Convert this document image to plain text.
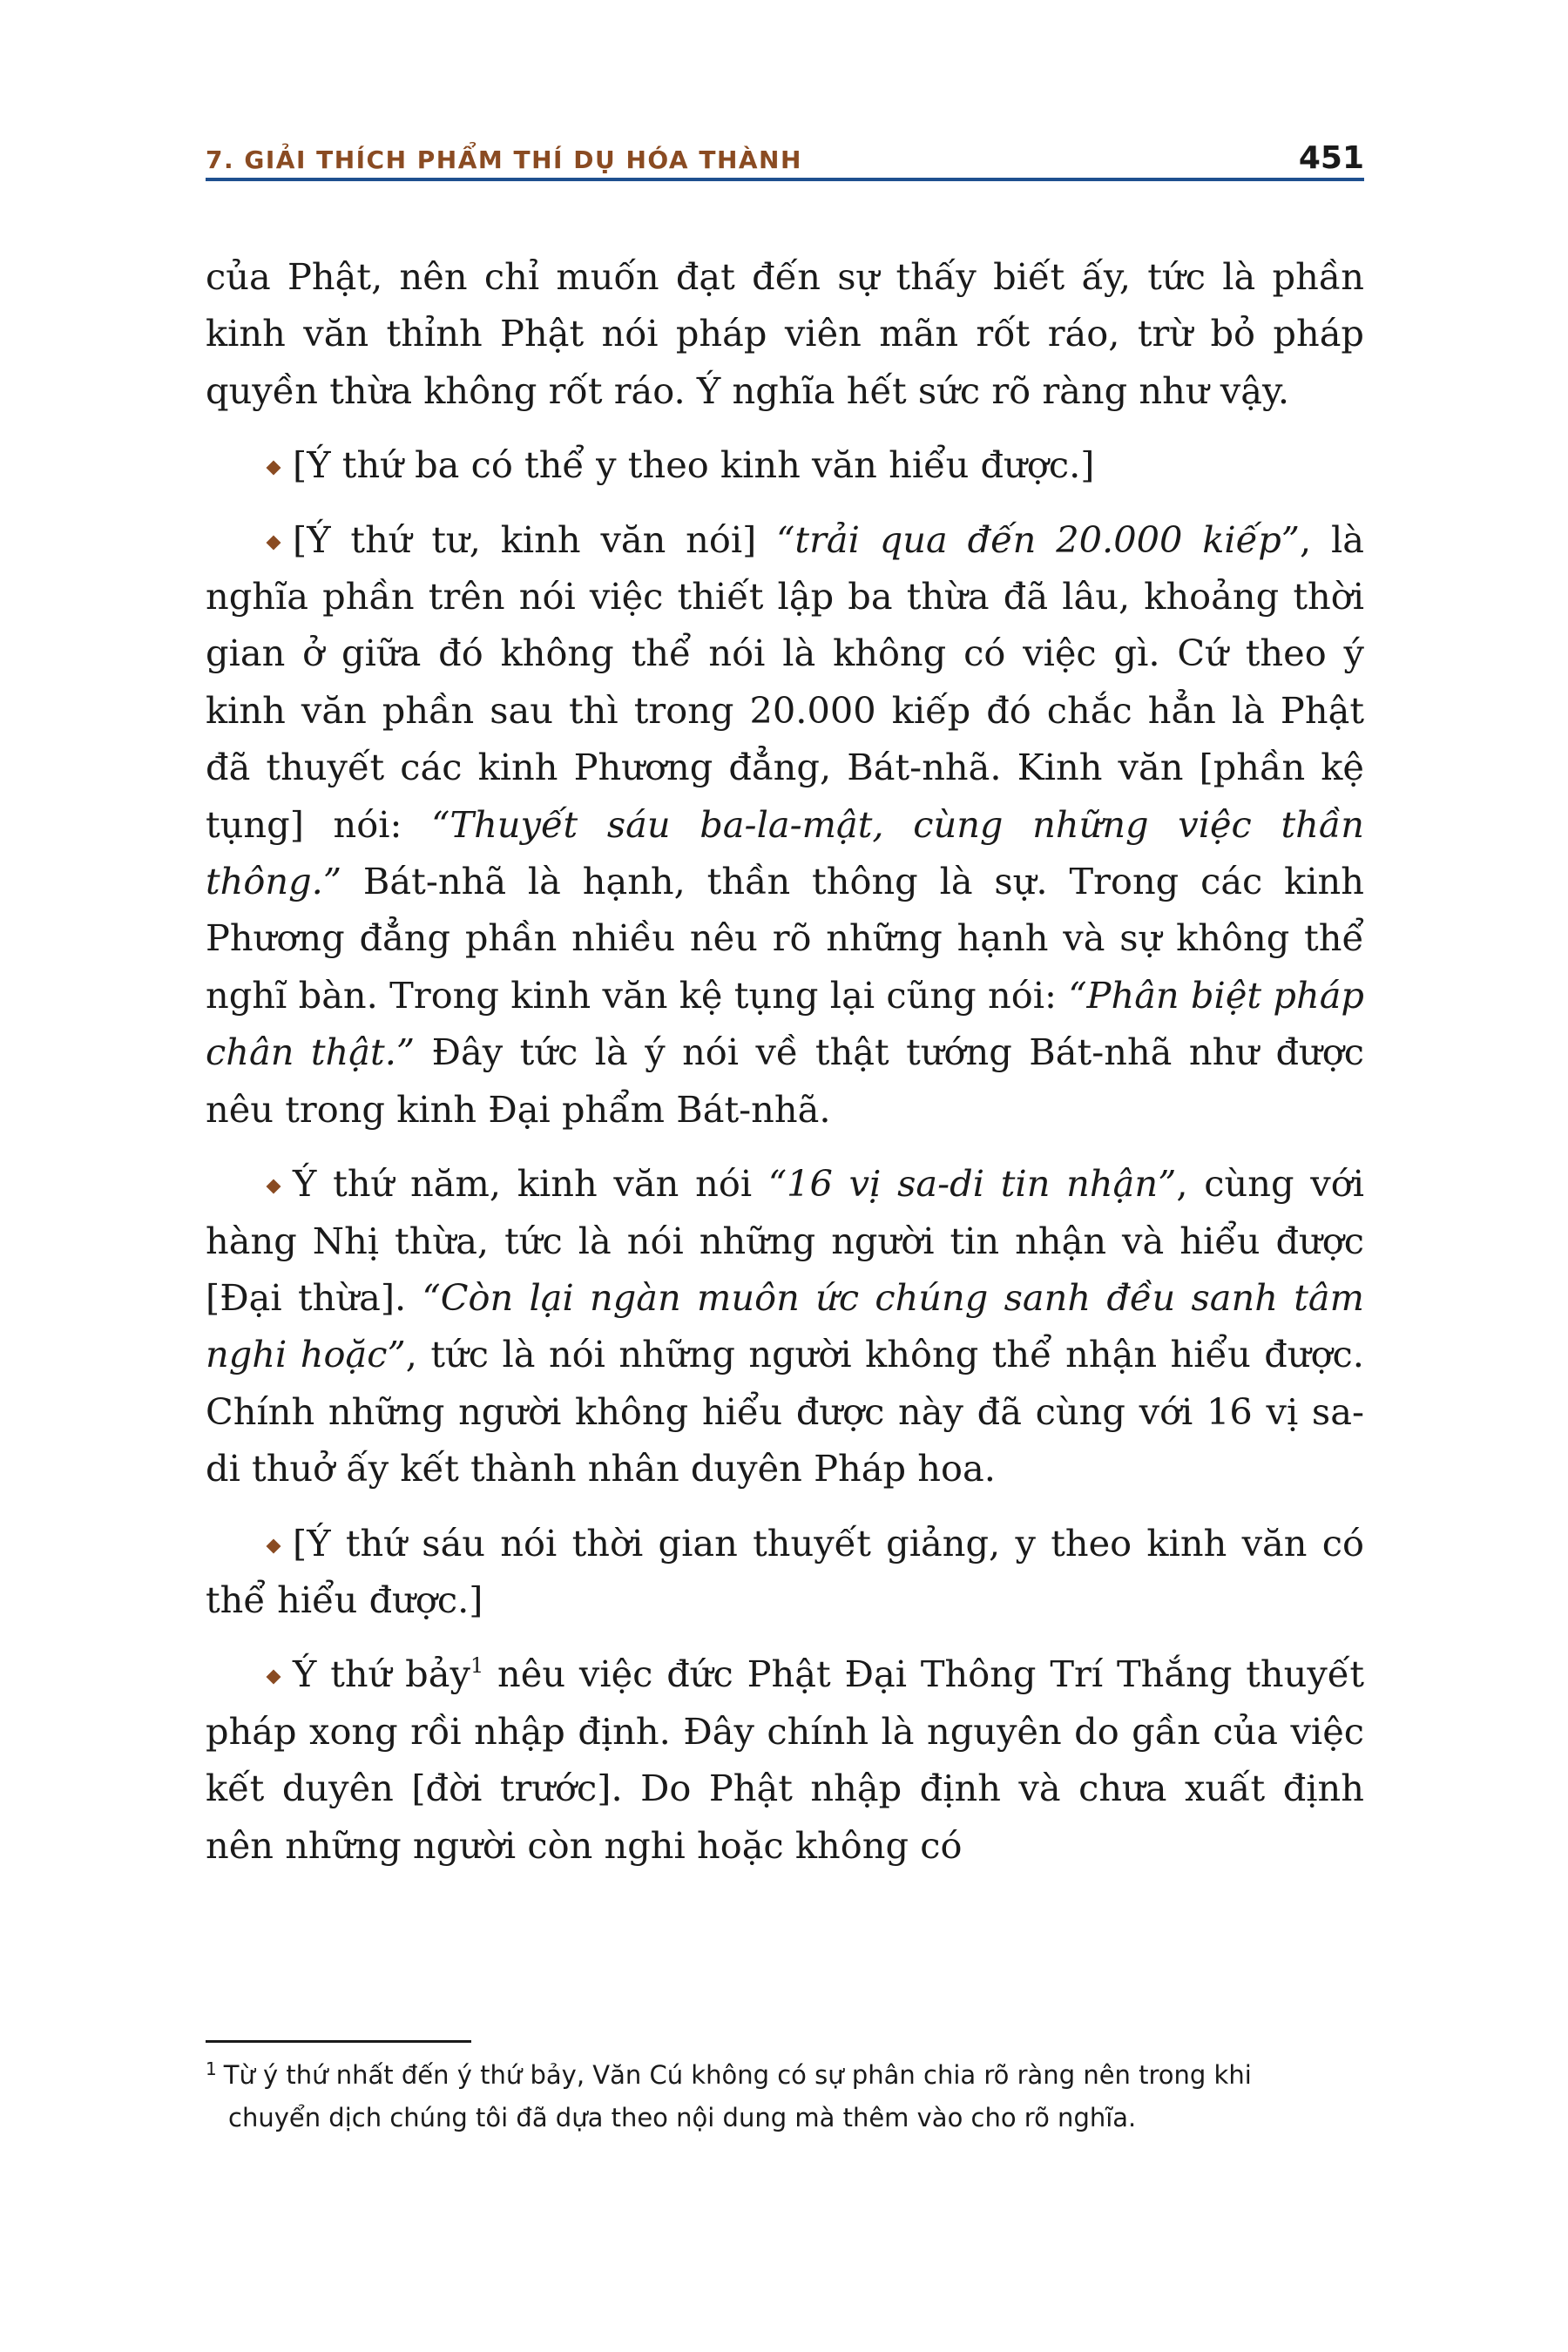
7. GIẢI THÍCH PHẨM THÍ DỤ HÓA THÀNH	451

của Phật, nên chỉ muốn đạt đến sự thấy biết ấy, tức là phần kinh văn thỉnh Phật nói pháp viên mãn rốt ráo, trừ bỏ pháp quyền thừa không rốt ráo. Ý nghĩa hết sức rõ ràng như vậy.

[Ý thứ ba có thể y theo kinh văn hiểu được.]

[Ý thứ tư, kinh văn nói] “trải qua đến 20.000 kiếp”, là nghĩa phần trên nói việc thiết lập ba thừa đã lâu, khoảng thời gian ở giữa đó không thể nói là không có việc gì. Cứ theo ý kinh văn phần sau thì trong 20.000 kiếp đó chắc hẳn là Phật đã thuyết các kinh Phương đẳng, Bát-nhã. Kinh văn [phần kệ tụng] nói: “Thuyết sáu ba-la-mật, cùng những việc thần thông.” Bát-nhã là hạnh, thần thông là sự. Trong các kinh Phương đẳng phần nhiều nêu rõ những hạnh và sự không thể nghĩ bàn. Trong kinh văn kệ tụng lại cũng nói: “Phân biệt pháp chân thật.” Đây tức là ý nói về thật tướng Bát-nhã như được nêu trong kinh Đại phẩm Bát-nhã.

Ý thứ năm, kinh văn nói “16 vị sa-di tin nhận”, cùng với hàng Nhị thừa, tức là nói những người tin nhận và hiểu được [Đại thừa]. “Còn lại ngàn muôn ức chúng sanh đều sanh tâm nghi hoặc”, tức là nói những người không thể nhận hiểu được. Chính những người không hiểu được này đã cùng với 16 vị sa-di thuở ấy kết thành nhân duyên Pháp hoa.

[Ý thứ sáu nói thời gian thuyết giảng, y theo kinh văn có thể hiểu được.]

Ý thứ bảy$^1$ nêu việc đức Phật Đại Thông Trí Thắng thuyết pháp xong rồi nhập định. Đây chính là nguyên do gần của việc kết duyên [đời trước]. Do Phật nhập định và chưa xuất định nên những người còn nghi hoặc không có

$^1$ Từ ý thứ nhất đến ý thứ bảy, Văn Cú không có sự phân chia rõ ràng nên trong khi
chuyển dịch chúng tôi đã dựa theo nội dung mà thêm vào cho rõ nghĩa.
